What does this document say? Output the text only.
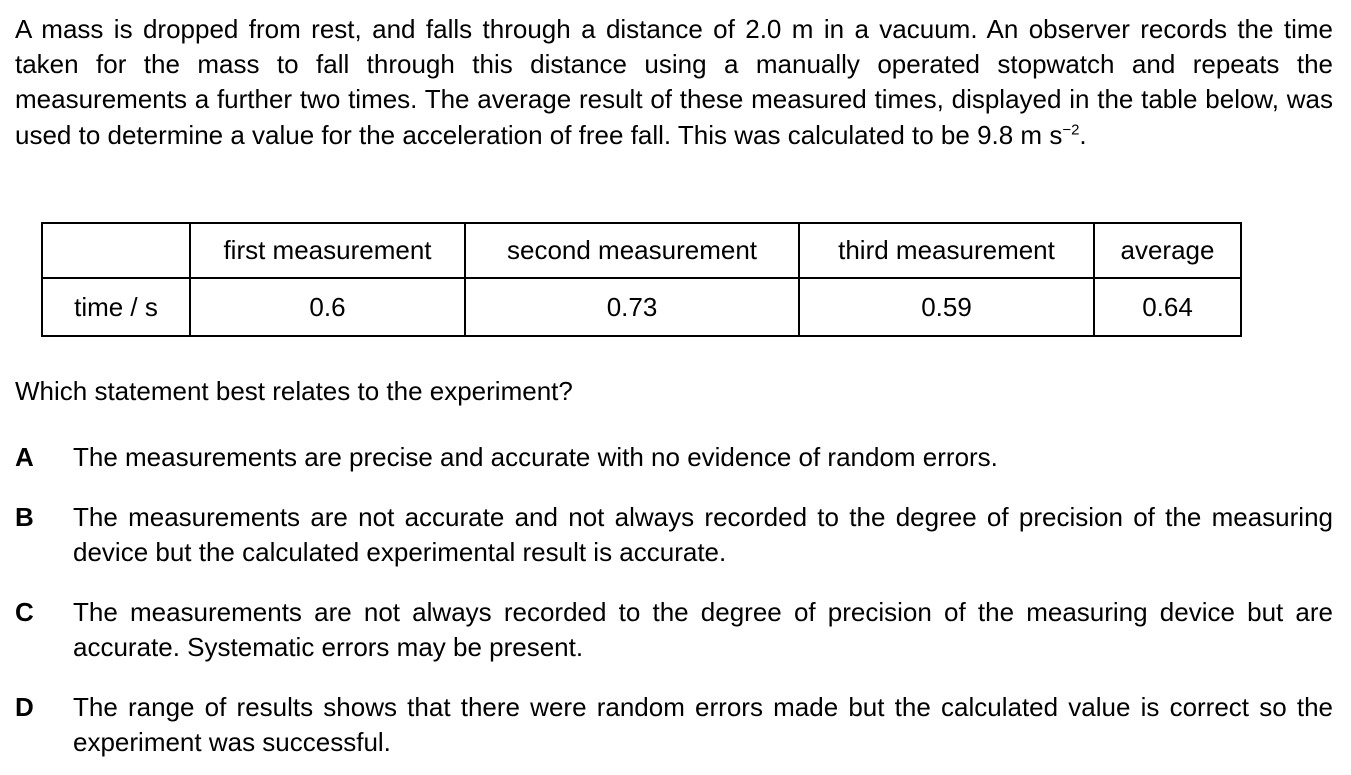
A mass is dropped from rest, and falls through a distance of 2.0 m in a vacuum. An observer records the time taken for the mass to fall through this distance using a manually operated stopwatch and repeats the measurements a further two times. The average result of these measured times, displayed in the table below, was used to determine a value for the acceleration of free fall. This was calculated to be 9.8 m $s^{-2}$.

	first measurement	second measurement	third measurement	average
time / s	0.6	0.73	0.59	0.64

Which statement best relates to the experiment?

A	The measurements are precise and accurate with no evidence of random errors.
B	The measurements are not accurate and not always recorded to the degree of precision of the measuring device but the calculated experimental result is accurate.
C	The measurements are not always recorded to the degree of precision of the measuring device but are accurate. Systematic errors may be present.
D	The range of results shows that there were random errors made but the calculated value is correct so the experiment was successful.
